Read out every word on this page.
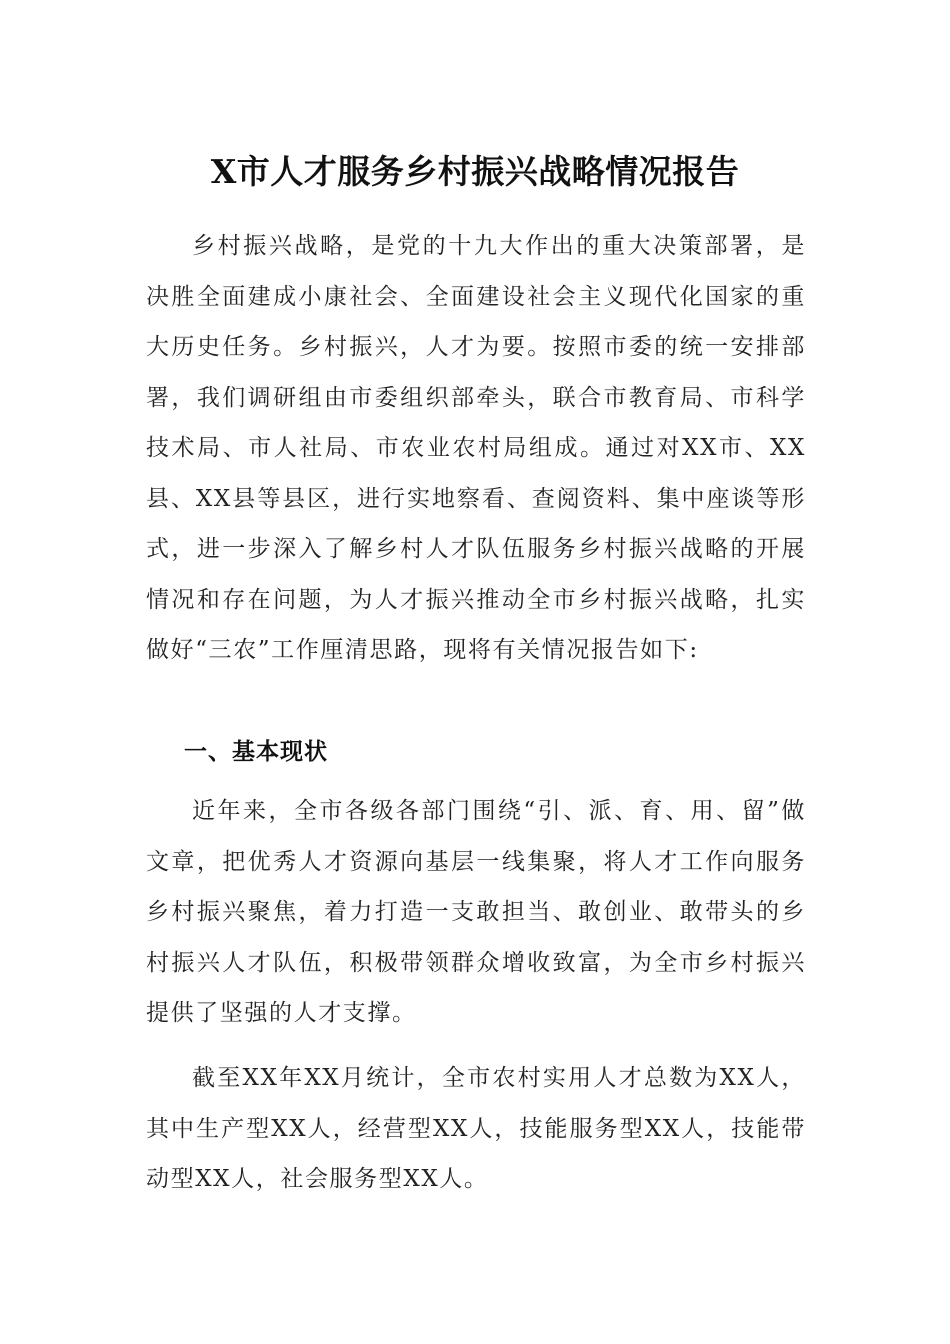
X市人才服务乡村振兴战略情况报告

乡村振兴战略，是党的十九大作出的重大决策部署，是决胜全面建成小康社会、全面建设社会主义现代化国家的重大历史任务。乡村振兴，人才为要。按照市委的统一安排部署，我们调研组由市委组织部牵头，联合市教育局、市科学技术局、市人社局、市农业农村局组成。通过对XX市、XX县、XX县等县区，进行实地察看、查阅资料、集中座谈等形式，进一步深入了解乡村人才队伍服务乡村振兴战略的开展情况和存在问题，为人才振兴推动全市乡村振兴战略，扎实做好“三农”工作厘清思路，现将有关情况报告如下:

一、基本现状

近年来，全市各级各部门围绕“引、派、育、用、留”做文章，把优秀人才资源向基层一线集聚，将人才工作向服务乡村振兴聚焦，着力打造一支敢担当、敢创业、敢带头的乡村振兴人才队伍，积极带领群众增收致富，为全市乡村振兴提供了坚强的人才支撑。

截至XX年XX月统计，全市农村实用人才总数为XX人，其中生产型XX人，经营型XX人，技能服务型XX人，技能带动型XX人，社会服务型XX人。
